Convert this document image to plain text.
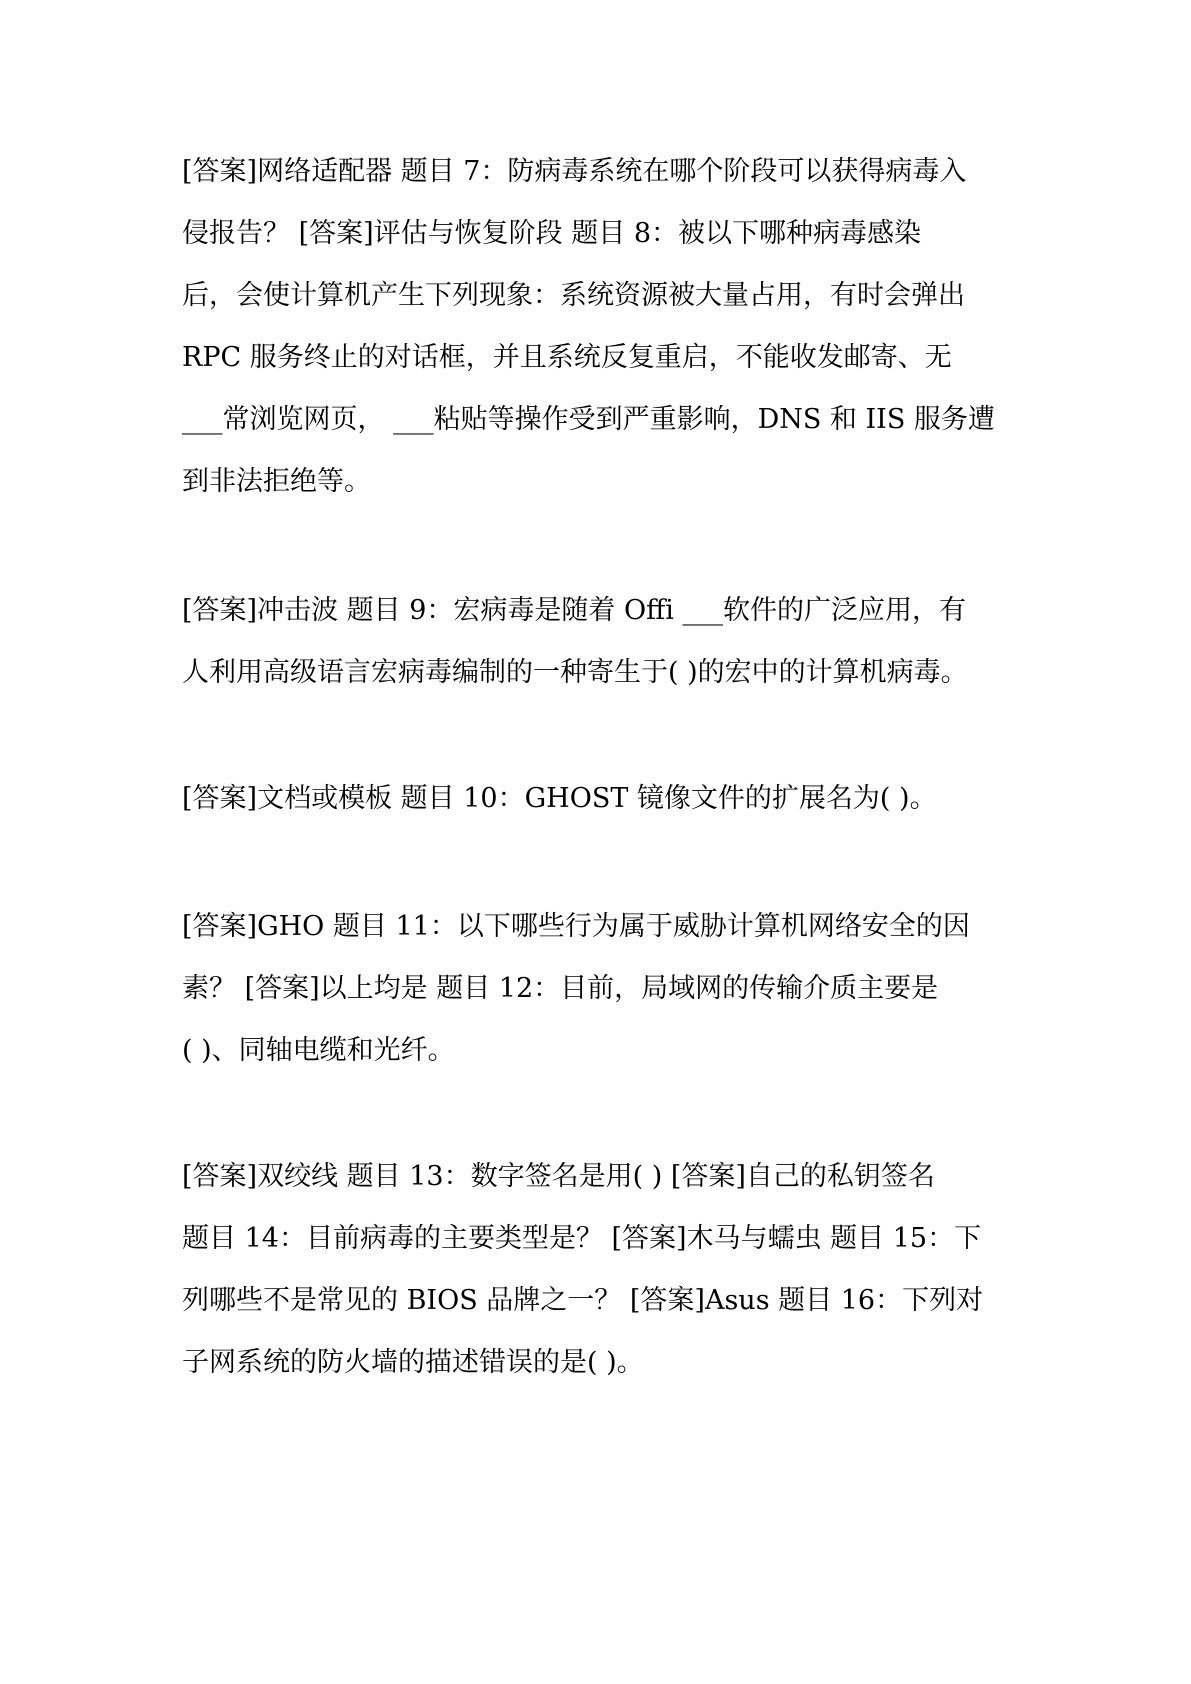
[答案]网络适配器 题目 7：防病毒系统在哪个阶段可以获得病毒入
侵报告？ [答案]评估与恢复阶段 题目 8：被以下哪种病毒感染
后，会使计算机产生下列现象：系统资源被大量占用，有时会弹出
RPC 服务终止的对话框，并且系统反复重启，不能收发邮寄、无
___常浏览网页， ___粘贴等操作受到严重影响，DNS 和 IIS 服务遭
到非法拒绝等。
[答案]冲击波 题目 9：宏病毒是随着 Offi ___软件的广泛应用，有
人利用高级语言宏病毒编制的一种寄生于( )的宏中的计算机病毒。
[答案]文档或模板 题目 10：GHOST 镜像文件的扩展名为( )。
[答案]GHO 题目 11：以下哪些行为属于威胁计算机网络安全的因
素？ [答案]以上均是 题目 12：目前，局域网的传输介质主要是
( )、同轴电缆和光纤。
[答案]双绞线 题目 13：数字签名是用( ) [答案]自己的私钥签名
题目 14：目前病毒的主要类型是？ [答案]木马与蠕虫 题目 15：下
列哪些不是常见的 BIOS 品牌之一？ [答案]Asus 题目 16：下列对
子网系统的防火墙的描述错误的是( )。
